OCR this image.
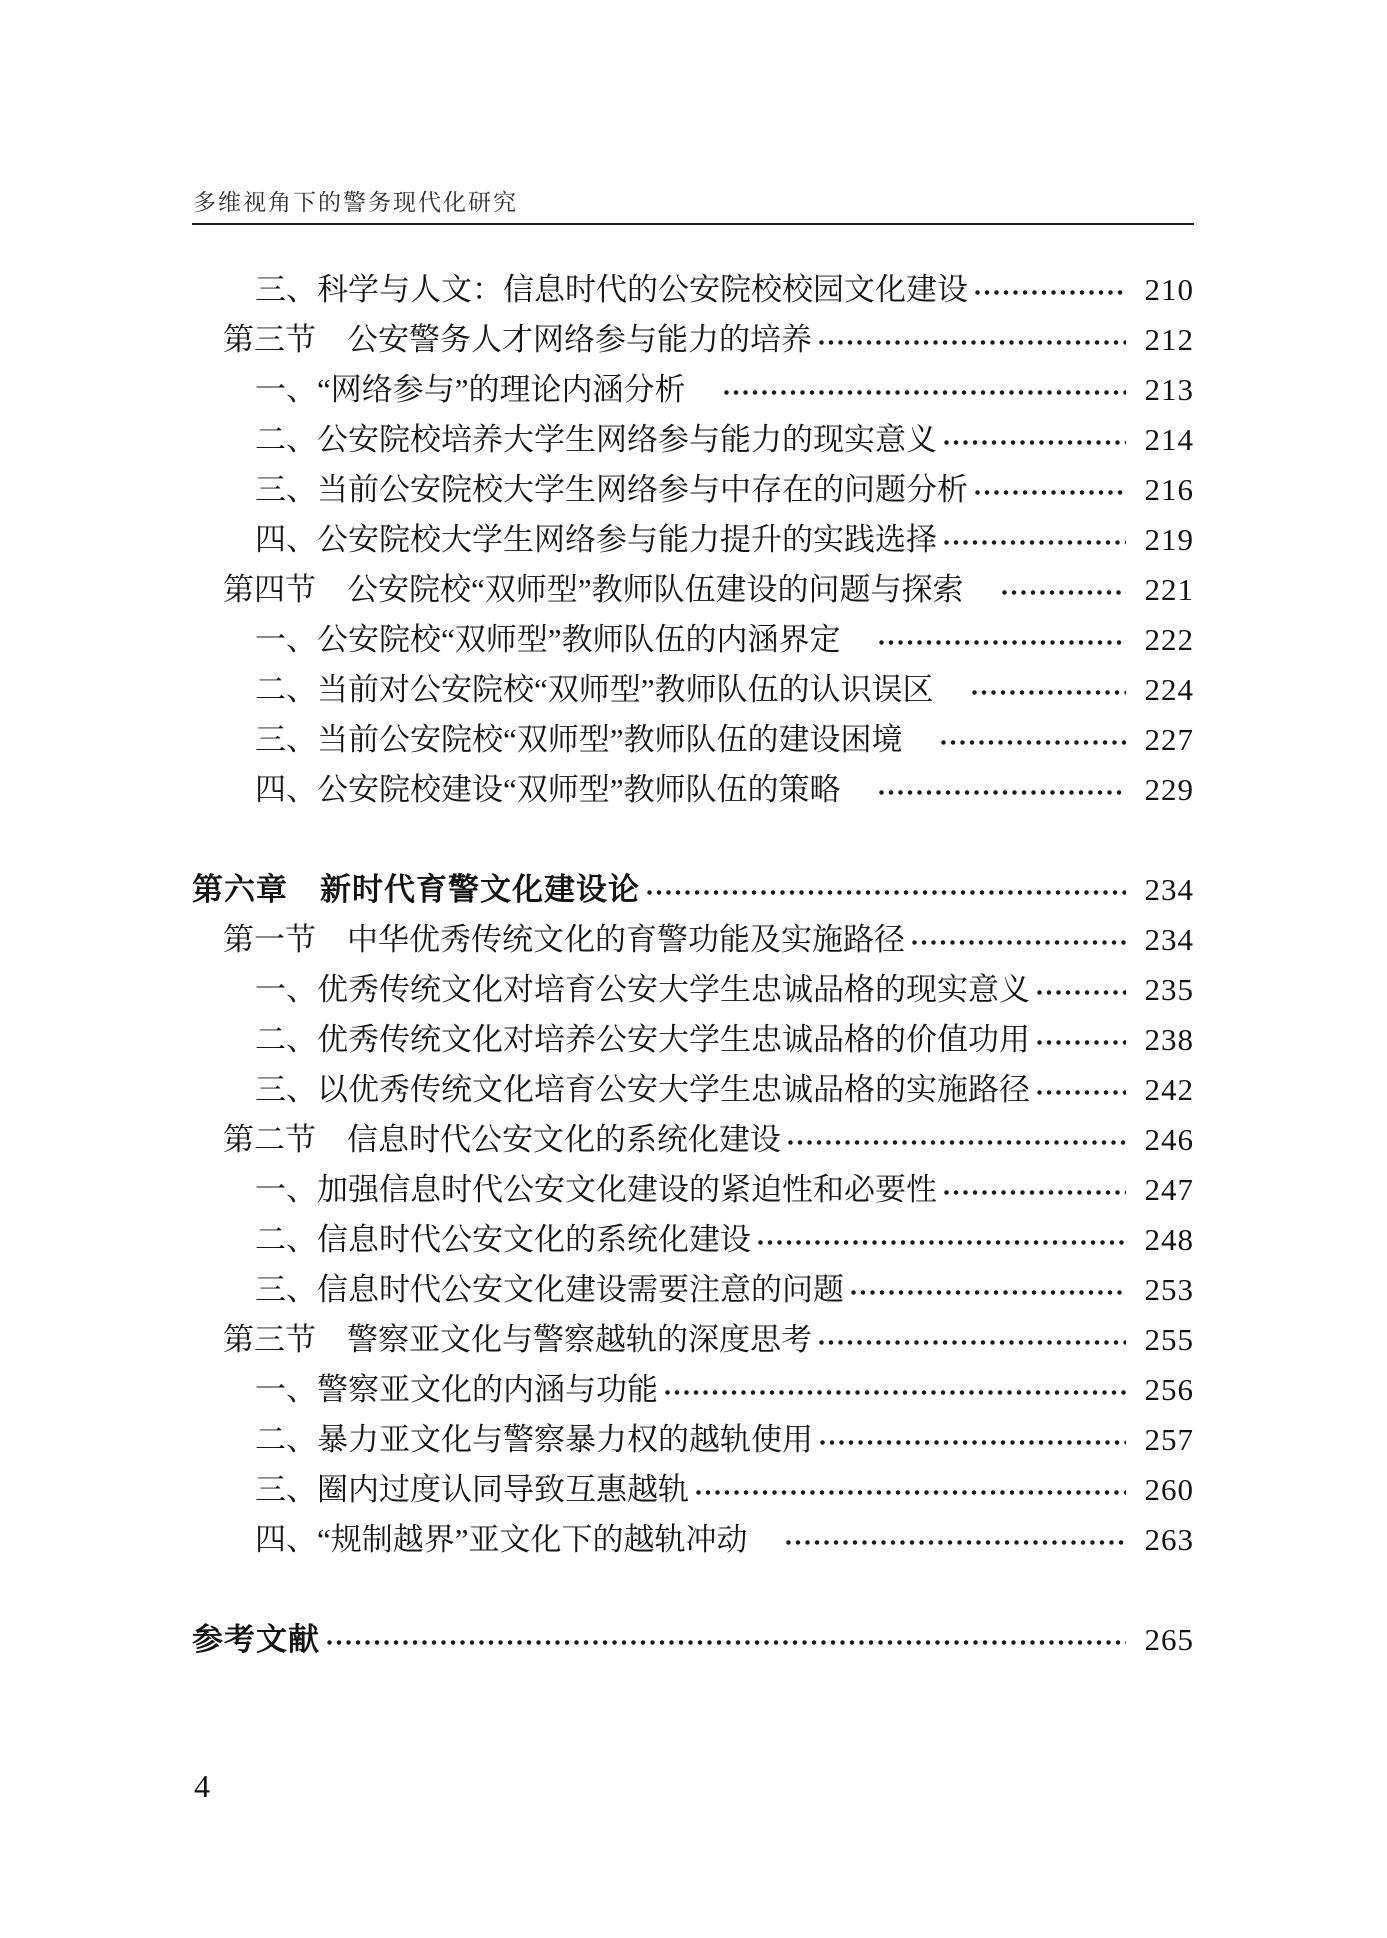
多维视角下的警务现代化研究
三、科学与人文：信息时代的公安院校校园文化建设	210
第三节　公安警务人才网络参与能力的培养	212
一、“网络参与”的理论内涵分析　	213
二、公安院校培养大学生网络参与能力的现实意义	214
三、当前公安院校大学生网络参与中存在的问题分析	216
四、公安院校大学生网络参与能力提升的实践选择	219
第四节　公安院校“双师型”教师队伍建设的问题与探索　	221
一、公安院校“双师型”教师队伍的内涵界定　	222
二、当前对公安院校“双师型”教师队伍的认识误区　	224
三、当前公安院校“双师型”教师队伍的建设困境　	227
四、公安院校建设“双师型”教师队伍的策略　	229
第六章　新时代育警文化建设论	234
第一节　中华优秀传统文化的育警功能及实施路径	234
一、优秀传统文化对培育公安大学生忠诚品格的现实意义	235
二、优秀传统文化对培养公安大学生忠诚品格的价值功用	238
三、以优秀传统文化培育公安大学生忠诚品格的实施路径	242
第二节　信息时代公安文化的系统化建设	246
一、加强信息时代公安文化建设的紧迫性和必要性	247
二、信息时代公安文化的系统化建设	248
三、信息时代公安文化建设需要注意的问题	253
第三节　警察亚文化与警察越轨的深度思考	255
一、警察亚文化的内涵与功能	256
二、暴力亚文化与警察暴力权的越轨使用	257
三、圈内过度认同导致互惠越轨	260
四、“规制越界”亚文化下的越轨冲动　	263
参考文献	265
4
